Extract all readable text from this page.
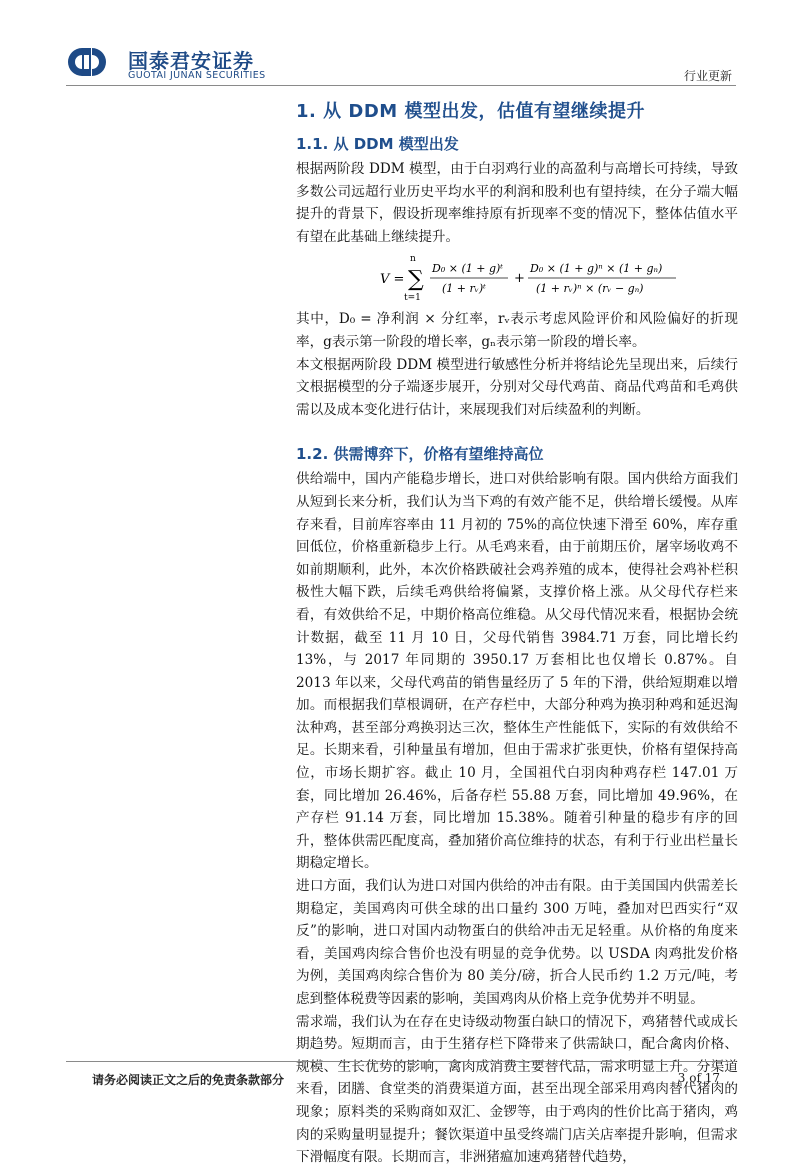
国泰君安证券
GUOTAI JUNAN SECURITIES	行业更新
1. 从 DDM 模型出发，估值有望继续提升
1.1. 从 DDM 模型出发

根据两阶段 DDM 模型，由于白羽鸡行业的高盈利与高增长可持续，导致多数公司远超行业历史平均水平的利润和股利也有望持续，在分子端大幅提升的背景下，假设折现率维持原有折现率不变的情况下，整体估值水平有望在此基础上继续提升。

V =
n
∑
t=1
D₀ × (1 + g)ᵗ
(1 + rᵥ)ᵗ
+
D₀ × (1 + g)ⁿ × (1 + gₙ)
(1 + rᵥ)ⁿ × (rᵥ − gₙ)

其中，D₀ = 净利润 × 分红率，rᵥ表示考虑风险评价和风险偏好的折现率，g表示第一阶段的增长率，gₙ表示第一阶段的增长率。

本文根据两阶段 DDM 模型进行敏感性分析并将结论先呈现出来，后续行文根据模型的分子端逐步展开，分别对父母代鸡苗、商品代鸡苗和毛鸡供需以及成本变化进行估计，来展现我们对后续盈利的判断。

1.2. 供需博弈下，价格有望维持高位

供给端中，国内产能稳步增长，进口对供给影响有限。国内供给方面我们从短到长来分析，我们认为当下鸡的有效产能不足，供给增长缓慢。从库存来看，目前库容率由 11 月初的 75%的高位快速下滑至 60%，库存重回低位，价格重新稳步上行。从毛鸡来看，由于前期压价，屠宰场收鸡不如前期顺利，此外，本次价格跌破社会鸡养殖的成本，使得社会鸡补栏积极性大幅下跌，后续毛鸡供给将偏紧，支撑价格上涨。从父母代存栏来看，有效供给不足，中期价格高位维稳。从父母代情况来看，根据协会统计数据，截至 11 月 10 日，父母代销售 3984.71 万套，同比增长约 13%，与 2017 年同期的 3950.17 万套相比也仅增长 0.87%。自 2013 年以来，父母代鸡苗的销售量经历了 5 年的下滑，供给短期难以增加。而根据我们草根调研，在产存栏中，大部分种鸡为换羽种鸡和延迟淘汰种鸡，甚至部分鸡换羽达三次，整体生产性能低下，实际的有效供给不足。长期来看，引种量虽有增加，但由于需求扩张更快，价格有望保持高位，市场长期扩容。截止 10 月，全国祖代白羽肉种鸡存栏 147.01 万套，同比增加 26.46%，后备存栏 55.88 万套，同比增加 49.96%，在产存栏 91.14 万套，同比增加 15.38%。随着引种量的稳步有序的回升，整体供需匹配度高，叠加猪价高位维持的状态，有利于行业出栏量长期稳定增长。

进口方面，我们认为进口对国内供给的冲击有限。由于美国国内供需差长期稳定，美国鸡肉可供全球的出口量约 300 万吨，叠加对巴西实行“双反”的影响，进口对国内动物蛋白的供给冲击无足轻重。从价格的角度来看，美国鸡肉综合售价也没有明显的竞争优势。以 USDA 肉鸡批发价格为例，美国鸡肉综合售价为 80 美分/磅，折合人民币约 1.2 万元/吨，考虑到整体税费等因素的影响，美国鸡肉从价格上竞争优势并不明显。

需求端，我们认为在存在史诗级动物蛋白缺口的情况下，鸡猪替代或成长期趋势。短期而言，由于生猪存栏下降带来了供需缺口，配合禽肉价格、规模、生长优势的影响，禽肉成消费主要替代品，需求明显上升。分渠道来看，团膳、食堂类的消费渠道方面，甚至出现全部采用鸡肉替代猪肉的现象；原料类的采购商如双汇、金锣等，由于鸡肉的性价比高于猪肉，鸡肉的采购量明显提升；餐饮渠道中虽受终端门店关店率提升影响，但需求下滑幅度有限。长期而言，非洲猪瘟加速鸡猪替代趋势，

请务必阅读正文之后的免责条款部分	3 of 17
